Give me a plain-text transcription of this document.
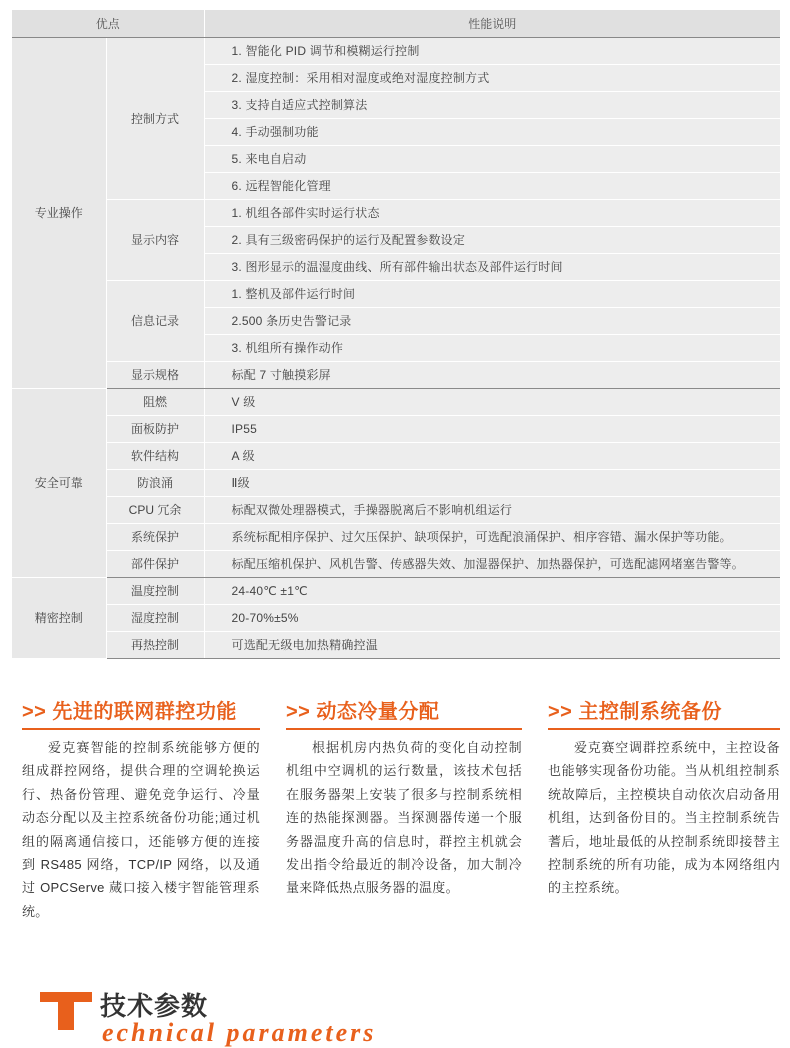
优点		性能说明
专业操作	控制方式	1. 智能化 PID 调节和模糊运行控制
		2. 湿度控制：采用相对湿度或绝对湿度控制方式
		3. 支持自适应式控制算法
		4. 手动强制功能
		5. 来电自启动
		6. 远程智能化管理
	显示内容	1. 机组各部件实时运行状态
		2. 具有三级密码保护的运行及配置参数设定
		3. 图形显示的温湿度曲线、所有部件输出状态及部件运行时间
	信息记录	1. 整机及部件运行时间
		2.500 条历史告警记录
		3. 机组所有操作动作
	显示规格	标配 7 寸触摸彩屏
安全可靠	阻燃	V 级
	面板防护	IP55
	软件结构	A 级
	防浪涌	Ⅱ级
	CPU 冗余	标配双微处理器模式，手操器脱离后不影响机组运行
	系统保护	系统标配相序保护、过欠压保护、缺项保护，可选配浪涌保护、相序容错、漏水保护等功能。
	部件保护	标配压缩机保护、风机告警、传感器失效、加湿器保护、加热器保护，可选配滤网堵塞告警等。
精密控制	温度控制	24-40℃ ±1℃
	湿度控制	20-70%±5%
	再热控制	可选配无级电加热精确控温
>> 先进的联网群控功能

爱克赛智能的控制系统能够方便的组成群控网络，提供合理的空调轮换运行、热备份管理、避免竞争运行、冷量动态分配以及主控系统备份功能;通过机组的隔离通信接口，还能够方便的连接到 RS485 网络，TCP/IP 网络，以及通过 OPCServe 蒇口接入楼宇智能管理系统。

>> 动态冷量分配

根据机房内热负荷的变化自动控制机组中空调机的运行数量，该技术包括在服务器架上安装了很多与控制系统相连的热能探测器。当探测器传递一个服务器温度升高的信息时，群控主机就会发出指令给最近的制冷设备，加大制冷量来降低热点服务器的温度。

>> 主控制系统备份

爱克赛空调群控系统中，主控设备也能够实现备份功能。当从机组控制系统故障后，主控模块自动依次启动备用机组，达到备份目的。当主控制系统告蓍后，地址最低的从控制系统即接替主控制系统的所有功能，成为本网络组内的主控系统。

技术参数
echnical parameters
